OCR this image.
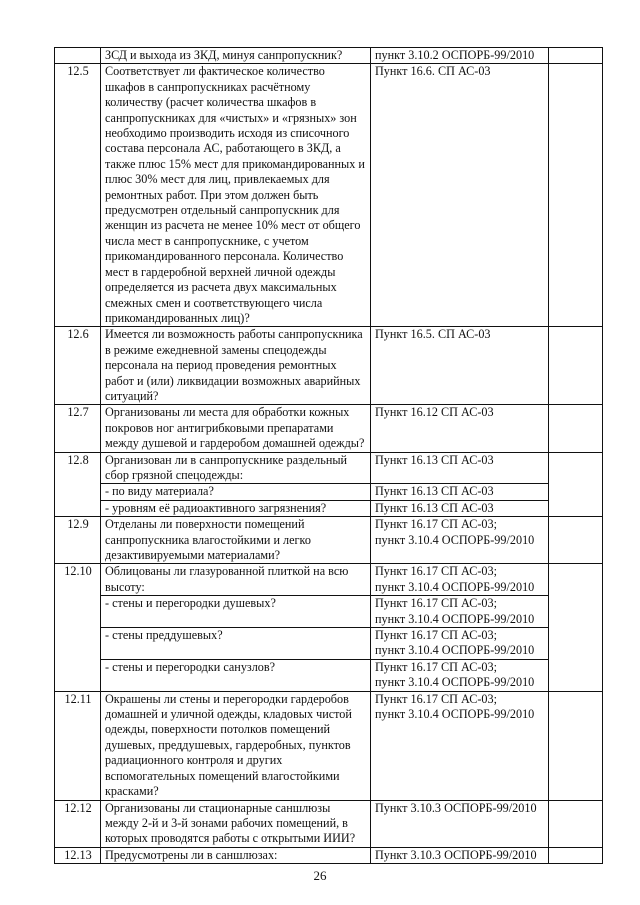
	ЗСД и выхода из ЗКД, минуя санпропускник?	пункт 3.10.2 ОСПОРБ-99/2010	
12.5	Соответствует ли фактическое количество шкафов в санпропускниках расчётному количеству (расчет количества шкафов в санпропускниках для «чистых» и «грязных» зон необходимо производить исходя из списочного состава персонала АС, работающего в ЗКД, а также плюс 15% мест для прикомандированных и плюс 30% мест для лиц, привлекаемых для ремонтных работ. При этом должен быть предусмотрен отдельный санпропускник для женщин из расчета не менее 10% мест от общего числа мест в санпропускнике, с учетом прикомандированного персонала. Количество мест в гардеробной верхней личной одежды определяется из расчета двух максимальных смежных смен и соответствующего числа прикомандированных лиц)?	Пункт 16.6. СП АС-03	
12.6	Имеется ли возможность работы санпропускника в режиме ежедневной замены спецодежды персонала на период проведения ремонтных работ и (или) ликвидации возможных аварийных ситуаций?	Пункт 16.5. СП АС-03	
12.7	Организованы ли места для обработки кожных покровов ног антигрибковыми препаратами между душевой и гардеробом домашней одежды?	Пункт 16.12 СП АС-03	
12.8	Организован ли в санпропускнике раздельный сбор грязной спецодежды:	Пункт 16.13 СП АС-03	
	- по виду материала?	Пункт 16.13 СП АС-03	
	- уровням её радиоактивного загрязнения?	Пункт 16.13 СП АС-03	
12.9	Отделаны ли поверхности помещений санпропускника влагостойкими и легко дезактивируемыми материалами?	Пункт 16.17 СП АС-03;
пункт 3.10.4 ОСПОРБ-99/2010	
12.10	Облицованы ли глазурованной плиткой на всю высоту:	Пункт 16.17 СП АС-03;
пункт 3.10.4 ОСПОРБ-99/2010	
	- стены и перегородки душевых?	Пункт 16.17 СП АС-03;
пункт 3.10.4 ОСПОРБ-99/2010	
	- стены преддушевых?	Пункт 16.17 СП АС-03;
пункт 3.10.4 ОСПОРБ-99/2010	
	- стены и перегородки санузлов?	Пункт 16.17 СП АС-03;
пункт 3.10.4 ОСПОРБ-99/2010	
12.11	Окрашены ли стены и перегородки гардеробов домашней и уличной одежды, кладовых чистой одежды, поверхности потолков помещений душевых, преддушевых, гардеробных, пунктов радиационного контроля и других вспомогательных помещений влагостойкими красками?	Пункт 16.17 СП АС-03;
пункт 3.10.4 ОСПОРБ-99/2010	
12.12	Организованы ли стационарные саншлюзы между 2-й и 3-й зонами рабочих помещений, в которых проводятся работы с открытыми ИИИ?	Пункт 3.10.3 ОСПОРБ-99/2010	
12.13	Предусмотрены ли в саншлюзах:	Пункт 3.10.3 ОСПОРБ-99/2010	
26
